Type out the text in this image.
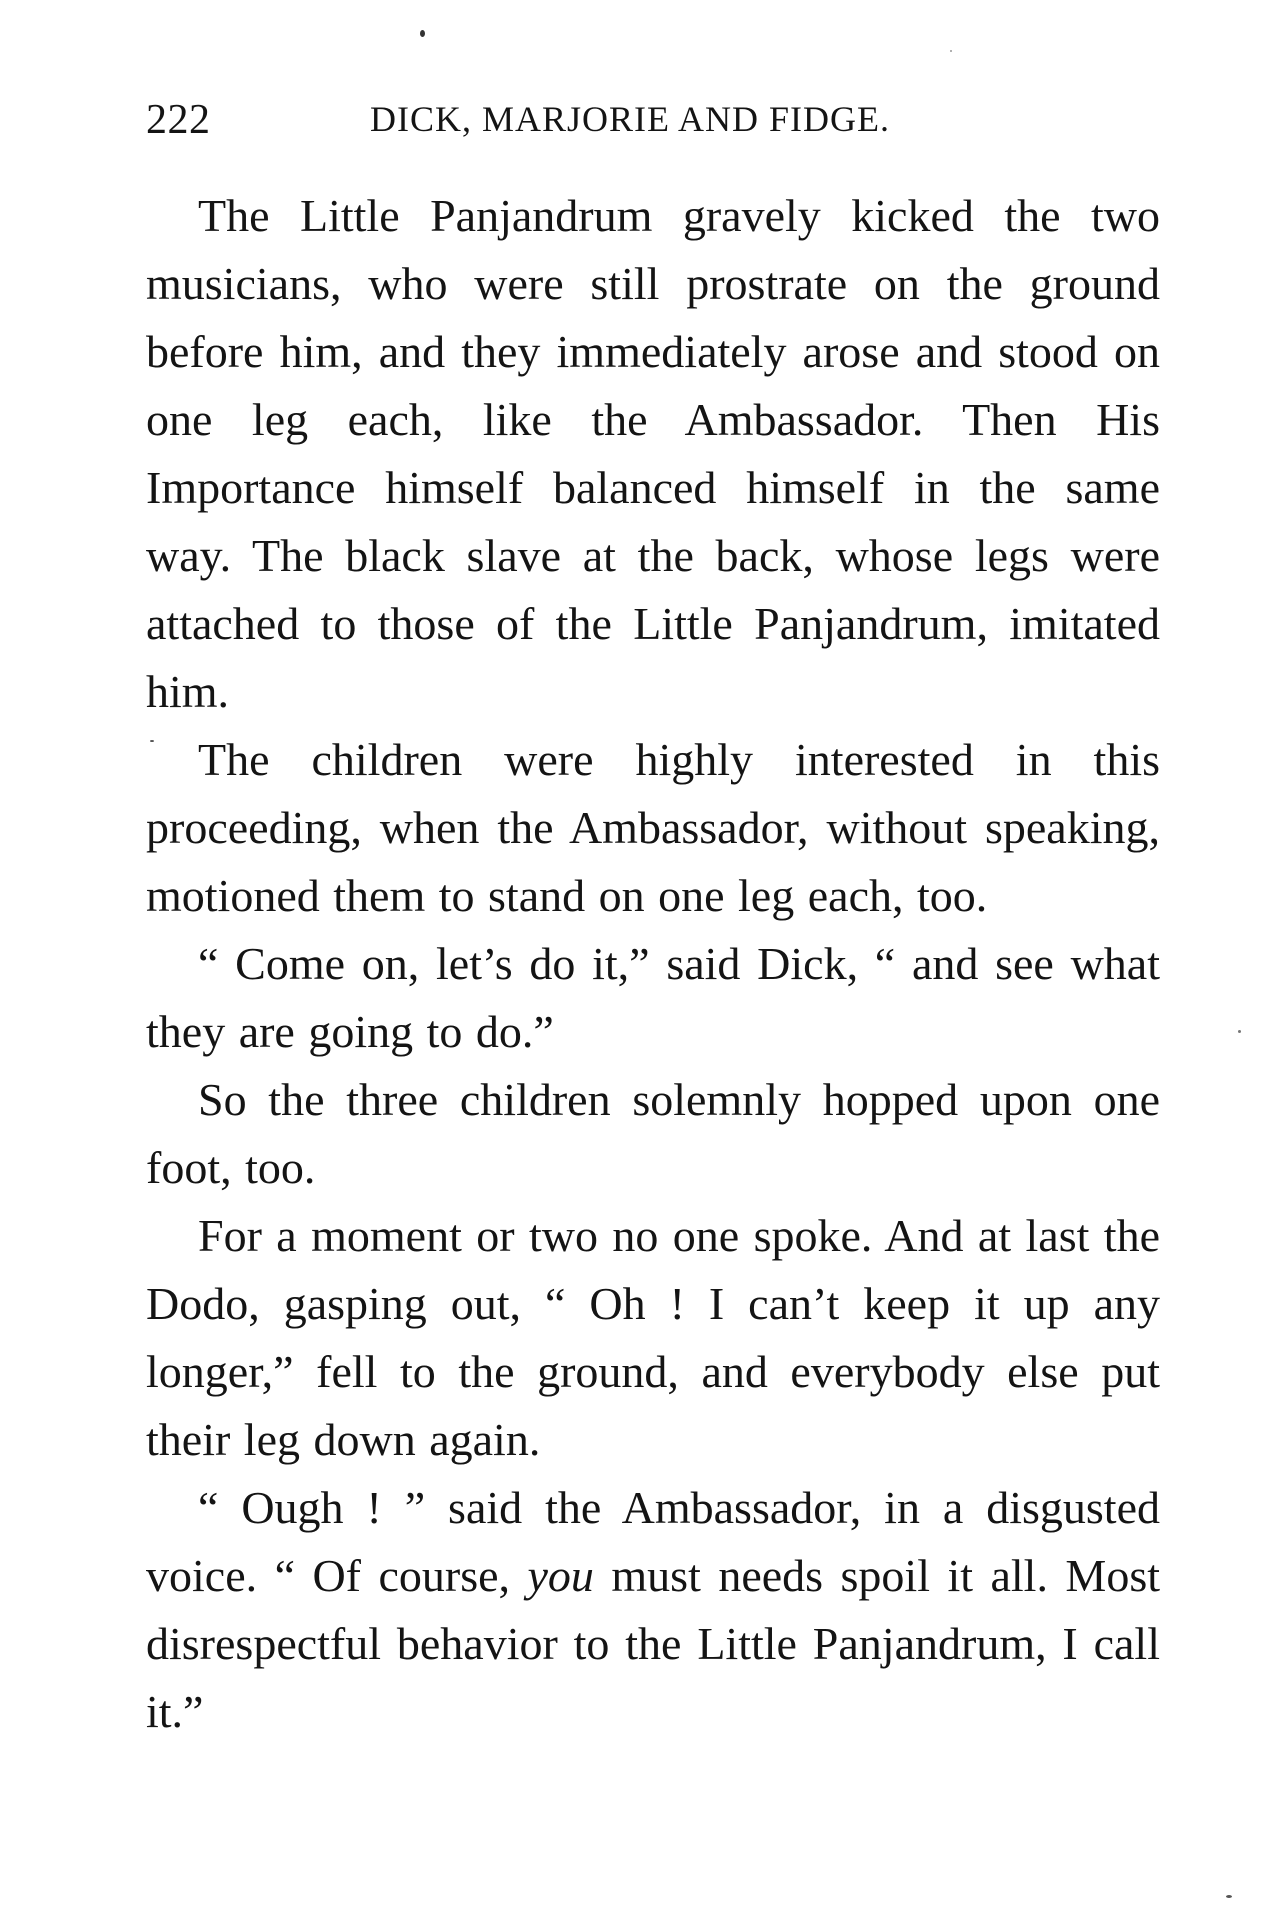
222	DICK, MARJORIE AND FIDGE.

The Little Panjandrum gravely kicked the two musicians, who were still prostrate on the ground before him, and they immediately arose and stood on one leg each, like the Ambassador. Then His Importance himself balanced himself in the same way. The black slave at the back, whose legs were attached to those of the Little Panjandrum, imitated him.

The children were highly interested in this proceeding, when the Ambassador, without speaking, motioned them to stand on one leg each, too.

“ Come on, let’s do it,” said Dick, “ and see what they are going to do.”

So the three children solemnly hopped upon one foot, too.

For a moment or two no one spoke. And at last the Dodo, gasping out, “ Oh ! I can’t keep it up any longer,” fell to the ground, and everybody else put their leg down again.

“ Ough ! ” said the Ambassador, in a disgusted voice. “ Of course, you must needs spoil it all. Most disrespectful behavior to the Little Panjandrum, I call it.”
